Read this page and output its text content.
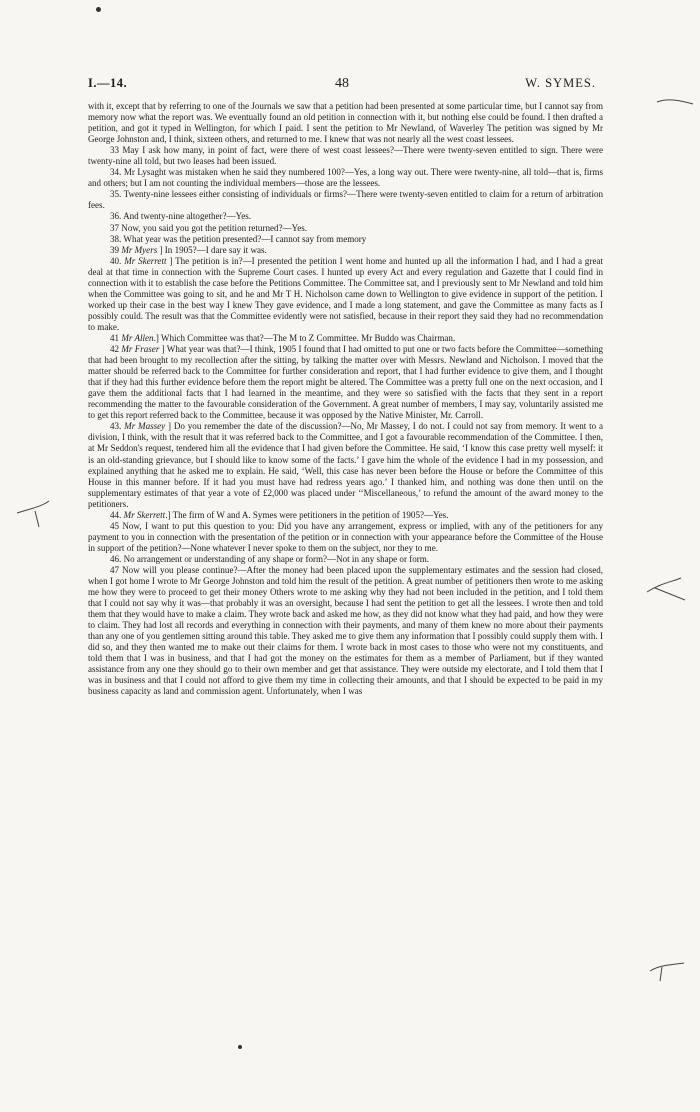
I.—14.	48	W. SYMES.

with it, except that by referring to one of the Journals we saw that a petition had been presented at some particular time, but I cannot say from memory now what the report was. We eventually found an old petition in connection with it, but nothing else could be found. I then drafted a petition, and got it typed in Wellington, for which I paid. I sent the petition to Mr Newland, of Waverley The petition was signed by Mr George Johnston and, I think, sixteen others, and returned to me. I knew that was not nearly all the west coast lessees.

33 May I ask how many, in point of fact, were there of west coast lessees?—There were twenty-seven entitled to sign. There were twenty-nine all told, but two leases had been issued.

34. Mr Lysaght was mistaken when he said they numbered 100?—Yes, a long way out. There were twenty-nine, all told—that is, firms and others; but I am not counting the individual members—those are the lessees.

35. Twenty-nine lessees either consisting of individuals or firms?—There were twenty-seven entitled to claim for a return of arbitration fees.

36. And twenty-nine altogether?—Yes.

37 Now, you said you got the petition returned?—Yes.

38. What year was the petition presented?—I cannot say from memory

39 Mr Myers ] In 1905?—I dare say it was.

40. Mr Skerrett ] The petition is in?—I presented the petition I went home and hunted up all the information I had, and I had a great deal at that time in connection with the Supreme Court cases. I hunted up every Act and every regulation and Gazette that I could find in connection with it to establish the case before the Petitions Committee. The Committee sat, and I previously sent to Mr Newland and told him when the Committee was going to sit, and he and Mr T H. Nicholson came down to Wellington to give evidence in support of the petition. I worked up their case in the best way I knew They gave evidence, and I made a long statement, and gave the Committee as many facts as I possibly could. The result was that the Committee evidently were not satisfied, because in their report they said they had no recommendation to make.

41 Mr Allen.] Which Committee was that?—The M to Z Committee. Mr Buddo was Chairman.

42 Mr Fraser ] What year was that?—I think, 1905 I found that I had omitted to put one or two facts before the Committee—something that had been brought to my recollection after the sitting, by talking the matter over with Messrs. Newland and Nicholson. I moved that the matter should be referred back to the Committee for further consideration and report, that I had further evidence to give them, and I thought that if they had this further evidence before them the report might be altered. The Committee was a pretty full one on the next occasion, and I gave them the additional facts that I had learned in the meantime, and they were so satisfied with the facts that they sent in a report recommending the matter to the favourable consideration of the Government. A great number of members, I may say, voluntarily assisted me to get this report referred back to the Committee, because it was opposed by the Native Minister, Mr. Carroll.

43. Mr Massey ] Do you remember the date of the discussion?—No, Mr Massey, I do not. I could not say from memory. It went to a division, I think, with the result that it was referred back to the Committee, and I got a favourable recommendation of the Committee. I then, at Mr Seddon's request, tendered him all the evidence that I had given before the Committee. He said, ‘I know this case pretty well myself: it is an old-standing grievance, but I should like to know some of the facts.’ I gave him the whole of the evidence I had in my possession, and explained anything that he asked me to explain. He said, ‘Well, this case has never been before the House or before the Committee of this House in this manner before. If it had you must have had redress years ago.’ I thanked him, and nothing was done then until on the supplementary estimates of that year a vote of £2,000 was placed under ‘‘Miscellaneous,’ to refund the amount of the award money to the petitioners.

44. Mr Skerrett.] The firm of W and A. Symes were petitioners in the petition of 1905?—Yes.

45 Now, I want to put this question to you: Did you have any arrangement, express or implied, with any of the petitioners for any payment to you in connection with the presentation of the petition or in connection with your appearance before the Committee of the House in support of the petition?—None whatever I never spoke to them on the subject, nor they to me.

46. No arrangement or understanding of any shape or form?—Not in any shape or form.

47 Now will you please continue?—After the money had been placed upon the supplementary estimates and the session had closed, when I got home I wrote to Mr George Johnston and told him the result of the petition. A great number of petitioners then wrote to me asking me how they were to proceed to get their money Others wrote to me asking why they had not been included in the petition, and I told them that I could not say why it was—that probably it was an oversight, because I had sent the petition to get all the lessees. I wrote then and told them that they would have to make a claim. They wrote back and asked me how, as they did not know what they had paid, and how they were to claim. They had lost all records and everything in connection with their payments, and many of them knew no more about their payments than any one of you gentlemen sitting around this table. They asked me to give them any information that I possibly could supply them with. I did so, and they then wanted me to make out their claims for them. I wrote back in most cases to those who were not my constituents, and told them that I was in business, and that I had got the money on the estimates for them as a member of Parliament, but if they wanted assistance from any one they should go to their own member and get that assistance. They were outside my electorate, and I told them that I was in business and that I could not afford to give them my time in collecting their amounts, and that I should be expected to be paid in my business capacity as land and commission agent. Unfortunately, when I was
